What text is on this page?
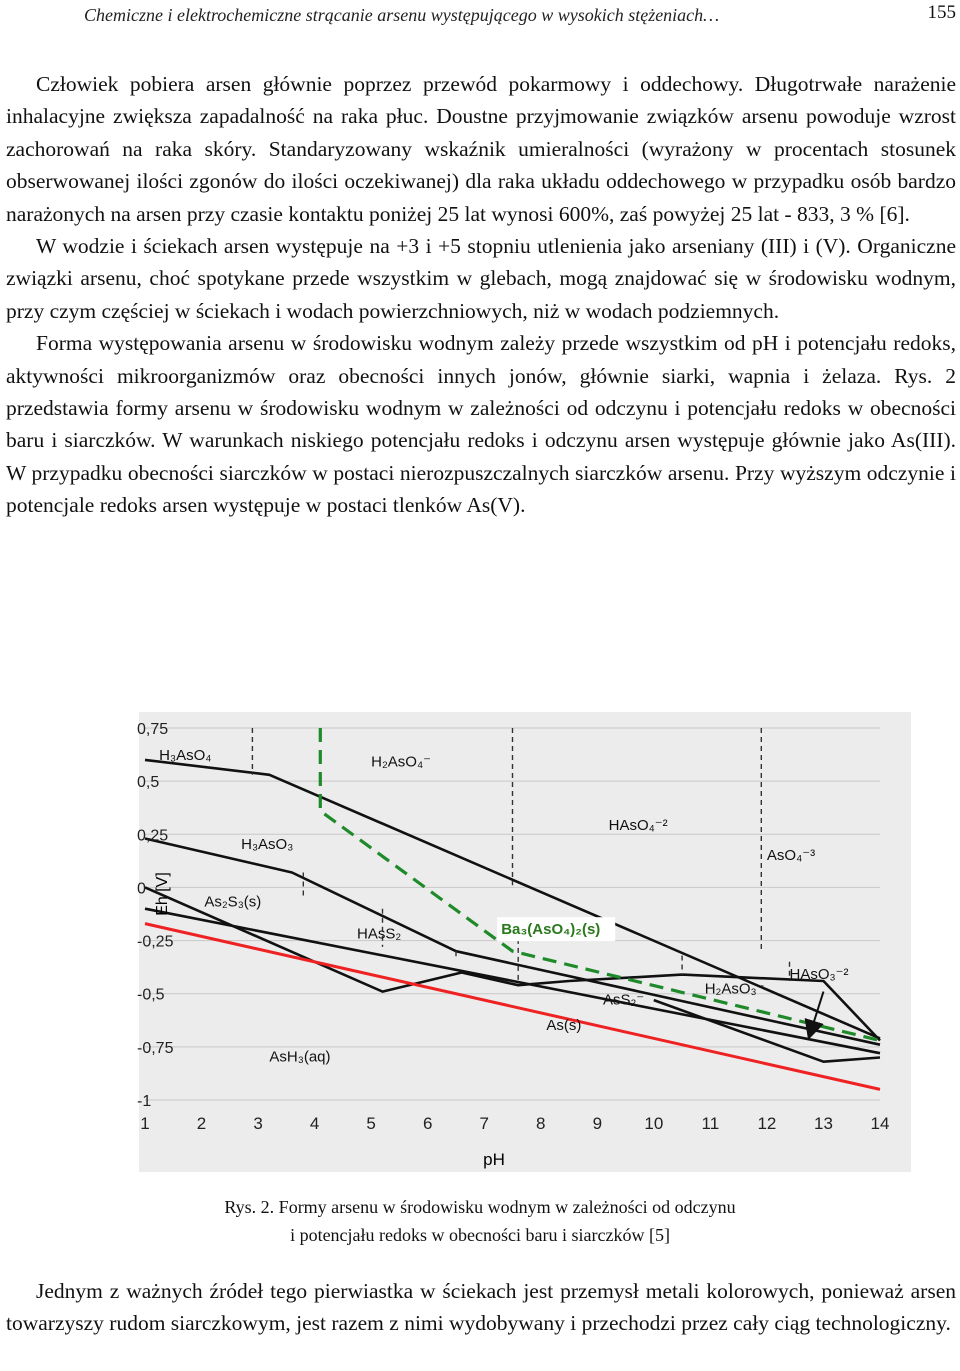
Chemiczne i elektrochemiczne strącanie arsenu występującego w wysokich stężeniach…	155

Człowiek pobiera arsen głównie poprzez przewód pokarmowy i oddechowy. Długotrwałe narażenie inhalacyjne zwiększa zapadalność na raka płuc. Doustne przyjmowanie związków arsenu powoduje wzrost zachorowań na raka skóry. Standaryzowany wskaźnik umieralności (wyrażony w procentach stosunek obserwowanej ilości zgonów do ilości oczekiwanej) dla raka układu oddechowego w przypadku osób bardzo narażonych na arsen przy czasie kontaktu poniżej 25 lat wynosi 600%, zaś powyżej 25 lat - 833, 3 % [6].

W wodzie i ściekach arsen występuje na +3 i +5 stopniu utlenienia jako arseniany (III) i (V). Organiczne związki arsenu, choć spotykane przede wszystkim w glebach, mogą znajdować się w środowisku wodnym, przy czym częściej w ściekach i wodach powierzchniowych, niż w wodach podziemnych.

Forma występowania arsenu w środowisku wodnym zależy przede wszystkim od pH i potencjału redoks, aktywności mikroorganizmów oraz obecności innych jonów, głównie siarki, wapnia i żelaza. Rys. 2 przedstawia formy arsenu w środowisku wodnym w zależności od odczynu i potencjału redoks w obecności baru i siarczków. W warunkach niskiego potencjału redoks i odczynu arsen występuje głównie jako As(III). W przypadku obecności siarczków w postaci nierozpuszczalnych siarczków arsenu. Przy wyższym odczynie i potencjale redoks arsen występuje w postaci tlenków As(V).

H₃AsO₄	H₂AsO₄⁻
HAsO₄⁻²
AsO₄⁻³
H₃AsO₃
As₂S₃(s)
HAsS₂	Ba₃(AsO₄)₂(s)
HAsO₃⁻²
H₂AsO₃⁻
AsS₂⁻
As(s)
AsH₃(aq)
0,75
0,5
0,25
0
-0,25
-0,5
-0,75
-1
1	2	3	4	5	6	7	8	9 10 11 12 13 14
pH
Eh [V]
Rys. 2. Formy arsenu w środowisku wodnym w zależności od odczynu
i potencjału redoks w obecności baru i siarczków [5]

Jednym z ważnych źródeł tego pierwiastka w ściekach jest przemysł metali kolorowych, ponieważ arsen towarzyszy rudom siarczkowym, jest razem z nimi wydobywany i przechodzi przez cały ciąg technologiczny.
